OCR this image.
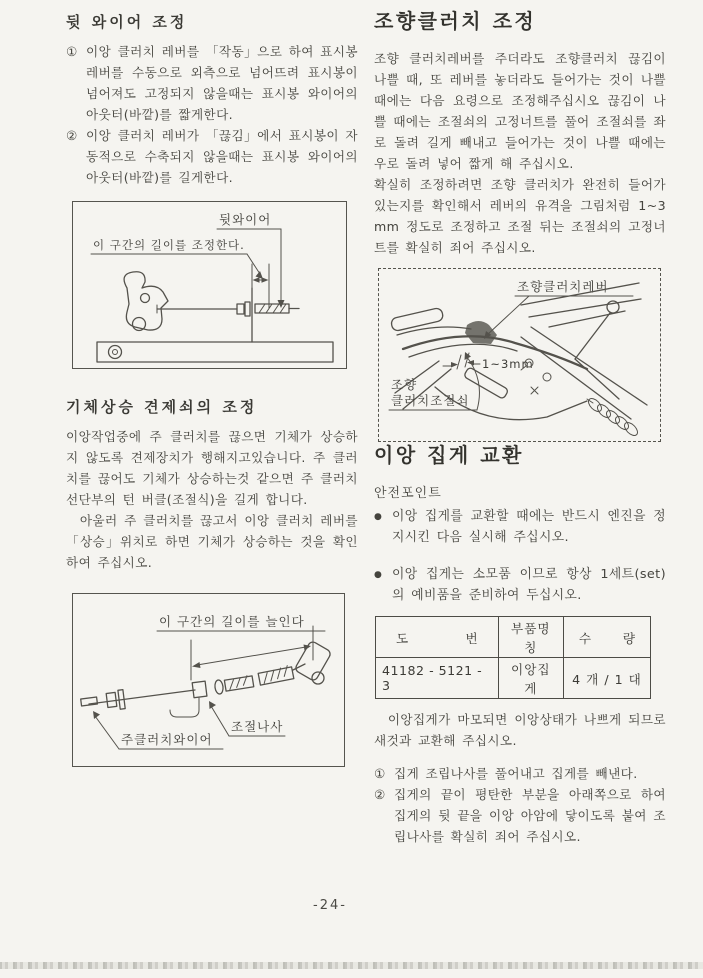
뒷 와이어 조정
① 이앙 클러치 레버를 「작동」으로 하여 표시봉 레버를 수동으로 외측으로 넘어뜨려 표시봉이 넘어져도 고정되지 않을때는 표시봉 와이어의 아웃터(바깥)를 짧게한다.
② 이앙 클러치 레버가 「끊김」에서 표시봉이 자동적으로 수축되지 않을때는 표시봉 와이어의 아웃터(바깥)를 길게한다.
뒷와이어
이 구간의 길이를 조정한다.
기체상승 견제쇠의 조정

이앙작업중에 주 클러치를 끊으면 기체가 상승하지 않도록 견제장치가 행해지고있습니다. 주 클러치를 끊어도 기체가 상승하는것 같으면 주 클러치 선단부의 턴 버클(조절식)을 길게 합니다.

아울러 주 클러치를 끊고서 이앙 클러치 레버를 「상승」위치로 하면 기체가 상승하는 것을 확인하여 주십시오.

이 구간의 길이를 늘인다
주클러치와이어
조절나사
조향클러치 조정

조향 클러치레버를 주더라도 조향클러치 끊김이 나쁠 때, 또 레버를 놓더라도 들어가는 것이 나쁠 때에는 다음 요령으로 조정해주십시오 끊김이 나쁠 때에는 조절쇠의 고정너트를 풀어 조절쇠를 좌로 돌려 길게 빼내고 들어가는 것이 나쁠 때에는 우로 돌려 넣어 짧게 해 주십시오.

확실히 조정하려면 조향 클러치가 완전히 들어가 있는지를 확인해서 레버의 유격을 그림처럼 1~3mm 정도로 조정하고 조절 뒤는 조절쇠의 고정너트를 확실히 죄어 주십시오.

조향클러치레버
1~3mm
조향
클러치조절쇠
이앙 집게 교환
안전포인트
● 이앙 집게를 교환할 때에는 반드시 엔진을 정지시킨 다음 실시해 주십시오.
● 이앙 집게는 소모품 이므로 항상 1세트(set)의 예비품을 준비하여 두십시오.
도 번	부품명칭	수 량

41182 - 5121 - 3	이앙집게	4 개 / 1 대

이앙집게가 마모되면 이앙상태가 나쁘게 되므로 새것과 교환해 주십시오.

① 집게 조립나사를 풀어내고 집게를 빼낸다.
② 집게의 끝이 평탄한 부분을 아래쪽으로 하여 집게의 뒷 끝을 이앙 아암에 닿이도록 붙여 조립나사를 확실히 죄어 주십시오.
-24-
